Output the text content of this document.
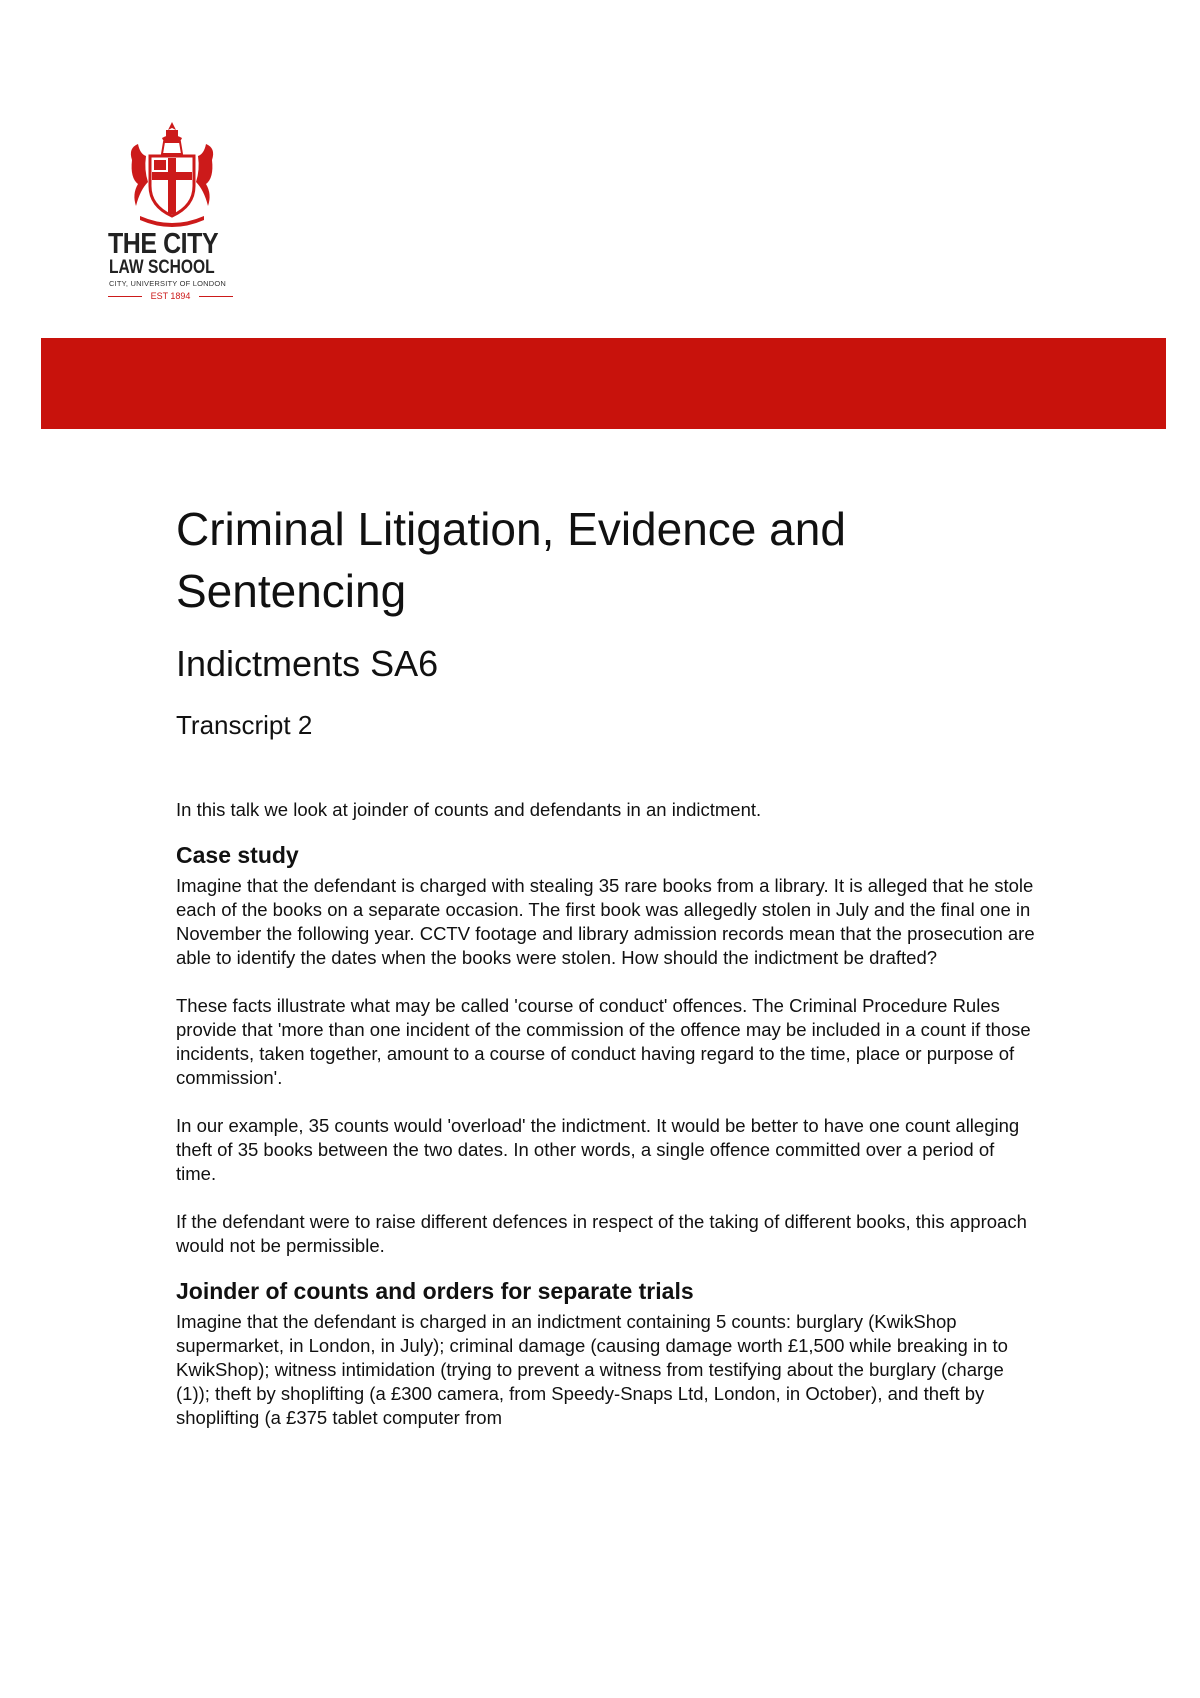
THE CITY
LAW SCHOOL
CITY, UNIVERSITY OF LONDON
EST 1894
Criminal Litigation, Evidence and Sentencing
Indictments SA6
Transcript 2

In this talk we look at joinder of counts and defendants in an indictment.

Case study

Imagine that the defendant is charged with stealing 35 rare books from a library. It is alleged that he stole each of the books on a separate occasion. The first book was allegedly stolen in July and the final one in November the following year. CCTV footage and library admission records mean that the prosecution are able to identify the dates when the books were stolen. How should the indictment be drafted?

These facts illustrate what may be called 'course of conduct' offences. The Criminal Procedure Rules provide that 'more than one incident of the commission of the offence may be included in a count if those incidents, taken together, amount to a course of conduct having regard to the time, place or purpose of commission'.

In our example, 35 counts would 'overload' the indictment. It would be better to have one count alleging theft of 35 books between the two dates. In other words, a single offence committed over a period of time.

If the defendant were to raise different defences in respect of the taking of different books, this approach would not be permissible.

Joinder of counts and orders for separate trials

Imagine that the defendant is charged in an indictment containing 5 counts: burglary (KwikShop supermarket, in London, in July); criminal damage (causing damage worth £1,500 while breaking in to KwikShop); witness intimidation (trying to prevent a witness from testifying about the burglary (charge (1)); theft by shoplifting (a £300 camera, from Speedy-Snaps Ltd, London, in October), and theft by shoplifting (a £375 tablet computer from
